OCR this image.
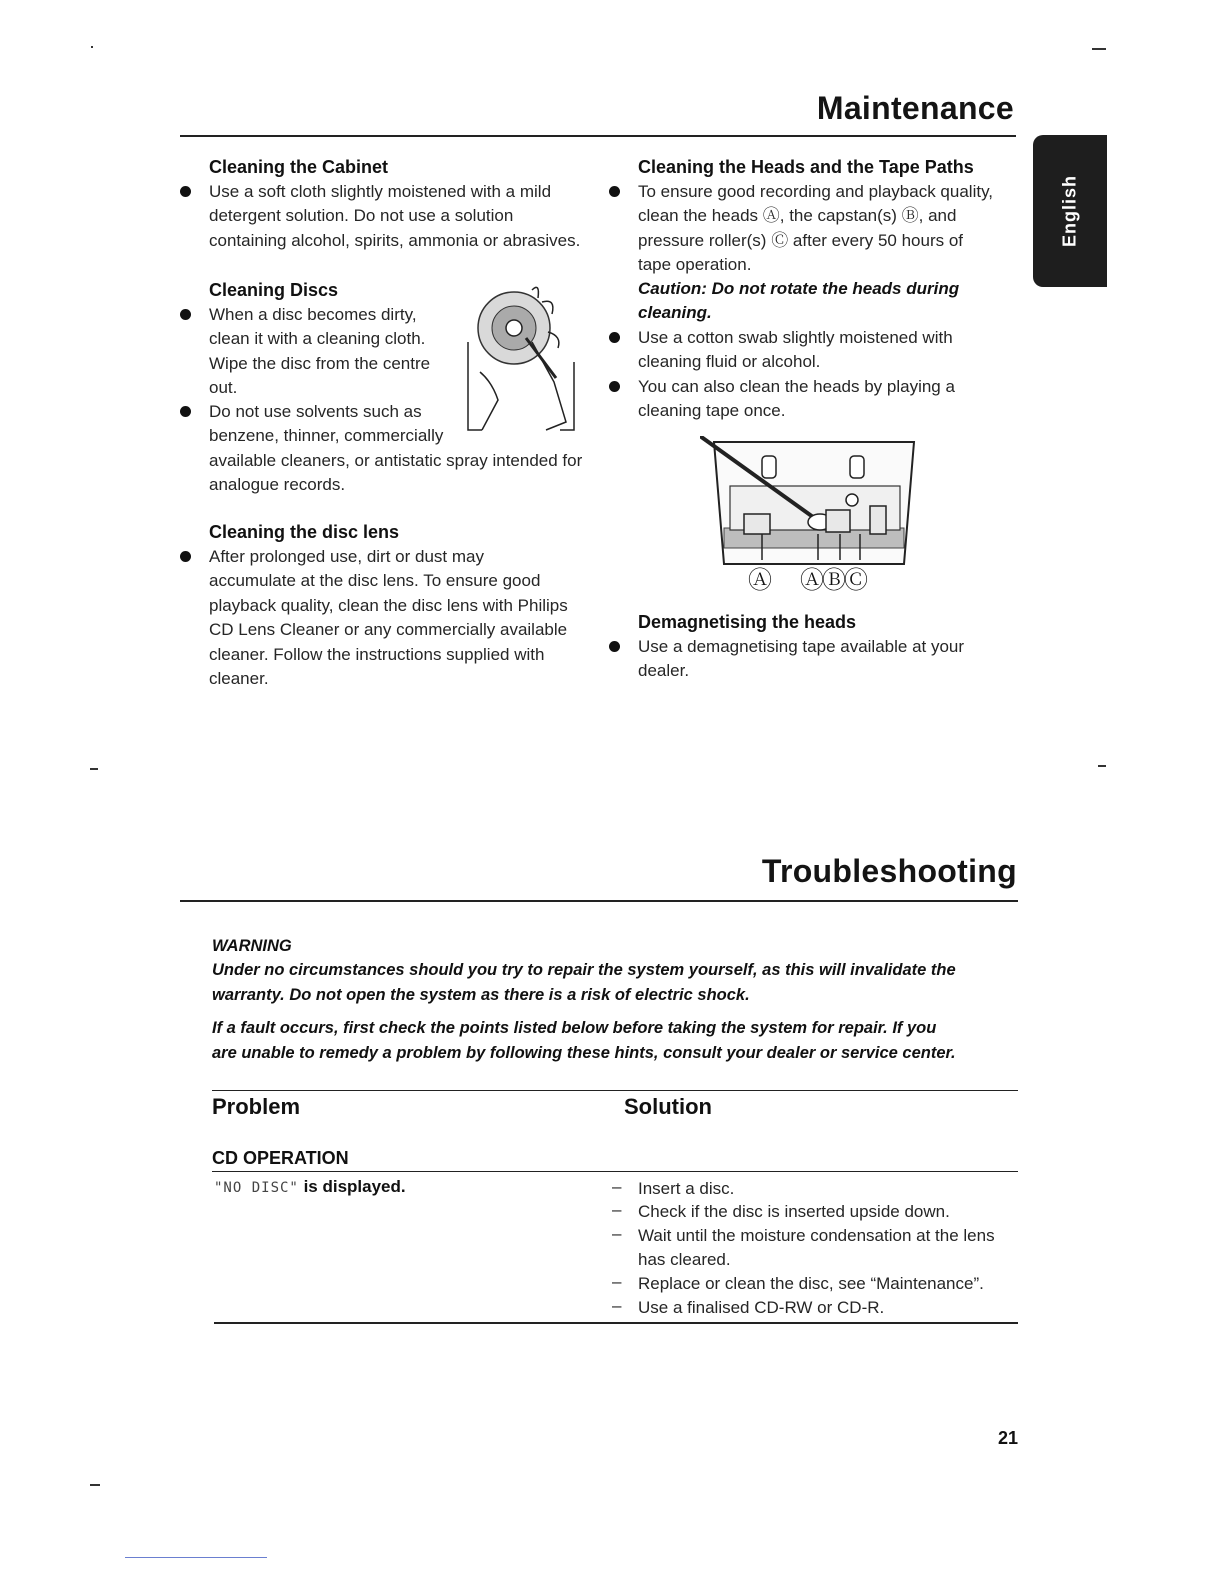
English
Maintenance
Cleaning the Cabinet
Use a soft cloth slightly moistened with a mild
detergent solution. Do not use a solution
containing alcohol, spirits, ammonia or abrasives.
Cleaning Discs
When a disc becomes dirty,
clean it with a cleaning cloth.
Wipe the disc from the centre
out.
Do not use solvents such as
benzene, thinner, commercially
available cleaners, or antistatic spray intended for
analogue records.
Cleaning the disc lens
After prolonged use, dirt or dust may
accumulate at the disc lens. To ensure good
playback quality, clean the disc lens with Philips
CD Lens Cleaner or any commercially available
cleaner. Follow the instructions supplied with
cleaner.
Cleaning the Heads and the Tape Paths
To ensure good recording and playback quality,
clean the heads Ⓐ, the capstan(s) Ⓑ, and
pressure roller(s) Ⓒ after every 50 hours of
tape operation.
Caution: Do not rotate the heads during
cleaning.
Use a cotton swab slightly moistened with
cleaning fluid or alcohol.
You can also clean the heads by playing a
cleaning tape once.
Ⓐ ⒶⒷⒸ
Demagnetising the heads
Use a demagnetising tape available at your
dealer.
Troubleshooting
WARNING
Under no circumstances should you try to repair the system yourself, as this will invalidate the
warranty. Do not open the system as there is a risk of electric shock.
If a fault occurs, first check the points listed below before taking the system for repair. If you
are unable to remedy a problem by following these hints, consult your dealer or service center.
Problem	Solution
CD OPERATION
"NO DISC" is displayed.	– Insert a disc.
– Check if the disc is inserted upside down.
– Wait until the moisture condensation at the lens
has cleared.
– Replace or clean the disc, see “Maintenance”.
– Use a finalised CD-RW or CD-R.
21
